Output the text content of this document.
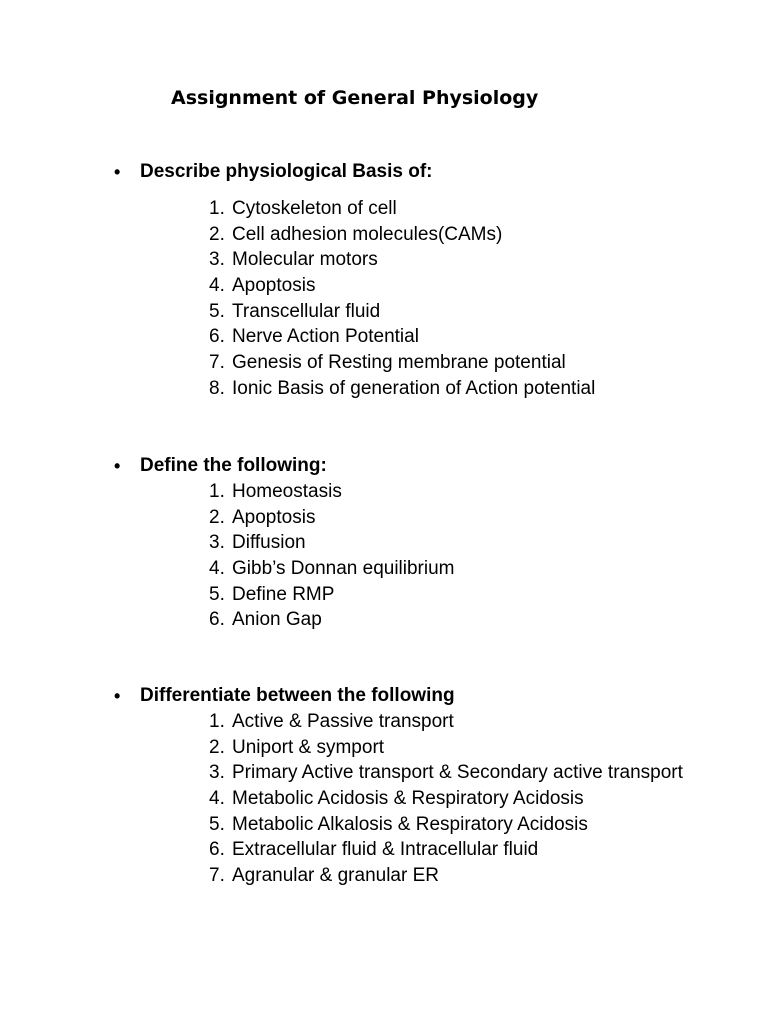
Assignment of General Physiology
• Describe physiological Basis of:
1. Cytoskeleton of cell
2. Cell adhesion molecules(CAMs)
3. Molecular motors
4. Apoptosis
5. Transcellular fluid
6. Nerve Action Potential
7. Genesis of Resting membrane potential
8. Ionic Basis of generation of Action potential
• Define the following:
1. Homeostasis
2. Apoptosis
3. Diffusion
4. Gibb’s Donnan equilibrium
5. Define RMP
6. Anion Gap
• Differentiate between the following
1. Active & Passive transport
2. Uniport & symport
3. Primary Active transport & Secondary active transport
4. Metabolic Acidosis & Respiratory Acidosis
5. Metabolic Alkalosis & Respiratory Acidosis
6. Extracellular fluid & Intracellular fluid
7. Agranular & granular ER
